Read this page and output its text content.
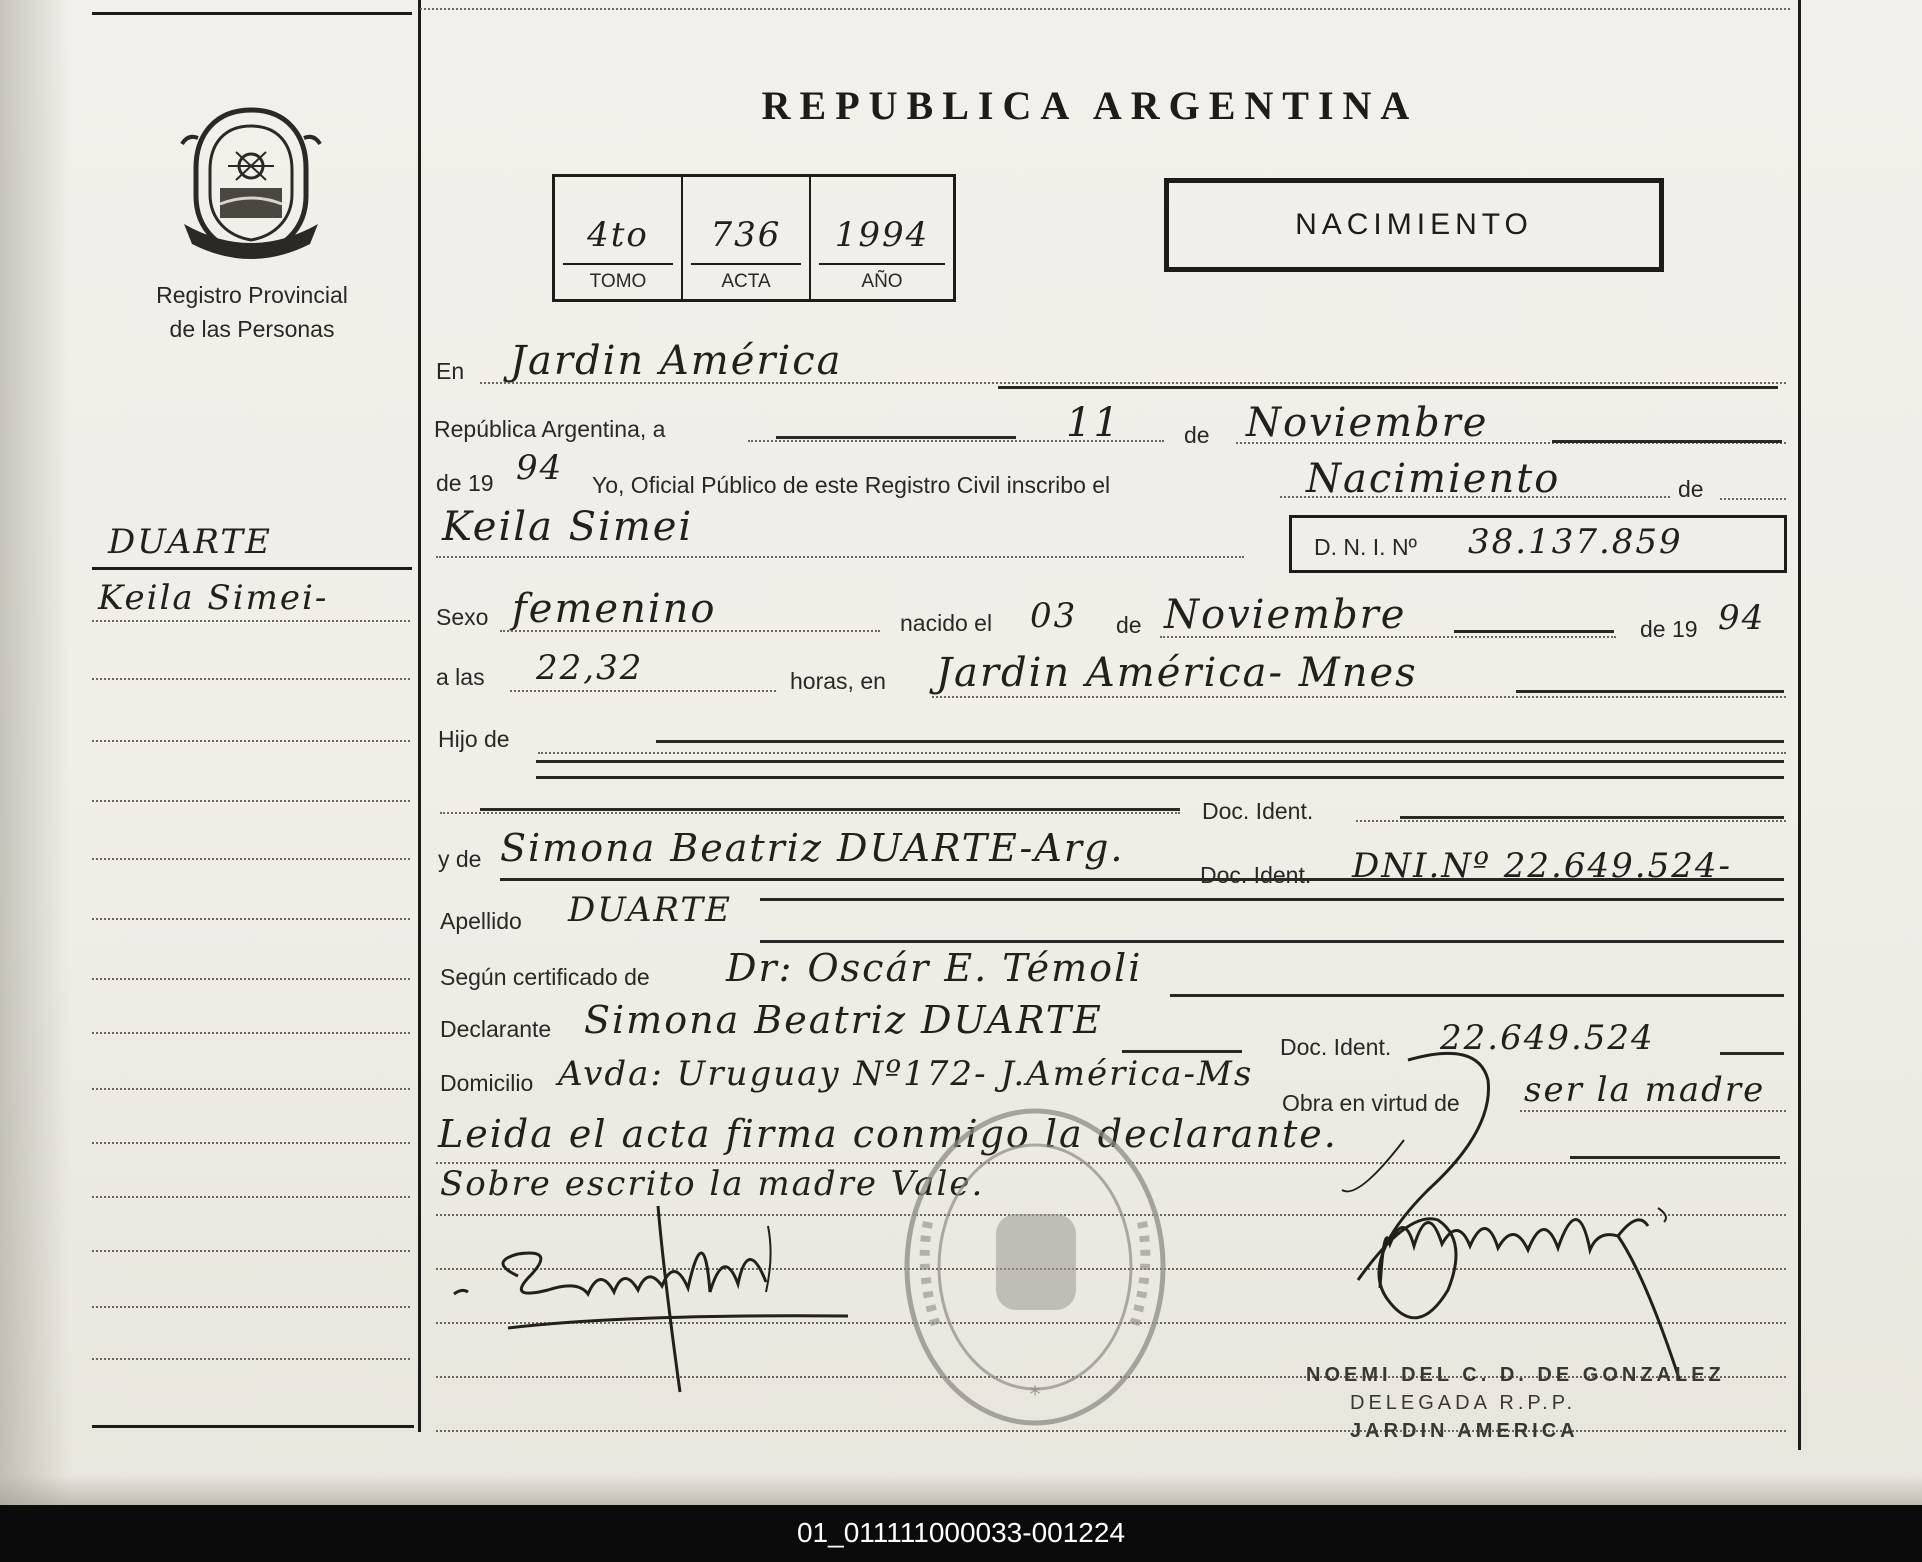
Registro Provincial
de las Personas
REPUBLICA ARGENTINA
4to
TOMO
736
ACTA
1994
AÑO
NACIMIENTO
DUARTE
Keila Simei-
En Jardin América
República Argentina, a	11	de Noviembre
de 19 94 Yo, Oficial Público de este Registro Civil inscribo el	Nacimiento	de
Keila Simei	D. N. I. Nº 38.137.859
Sexo femenino	nacido el 03 de Noviembre	de 19 94
a las 22,32	horas, en Jardin América- Mnes
Hijo de
Doc. Ident.
y de Simona Beatriz DUARTE-Arg.
Doc. Ident. DNI.Nº 22.649.524-
Apellido DUARTE
Según certificado de Dr: Oscár E. Témoli
Declarante Simona Beatriz DUARTE
Doc. Ident. 22.649.524
Domicilio Avda: Uruguay Nº172- J.América-Ms
Obra en virtud de ser la madre
Leida el acta firma conmigo la declarante.
Sobre escrito la madre Vale.
*
NOEMI DEL C. D. DE GONZALEZ
DELEGADA R.P.P.
JARDIN AMERICA
01_011111000033-001224
